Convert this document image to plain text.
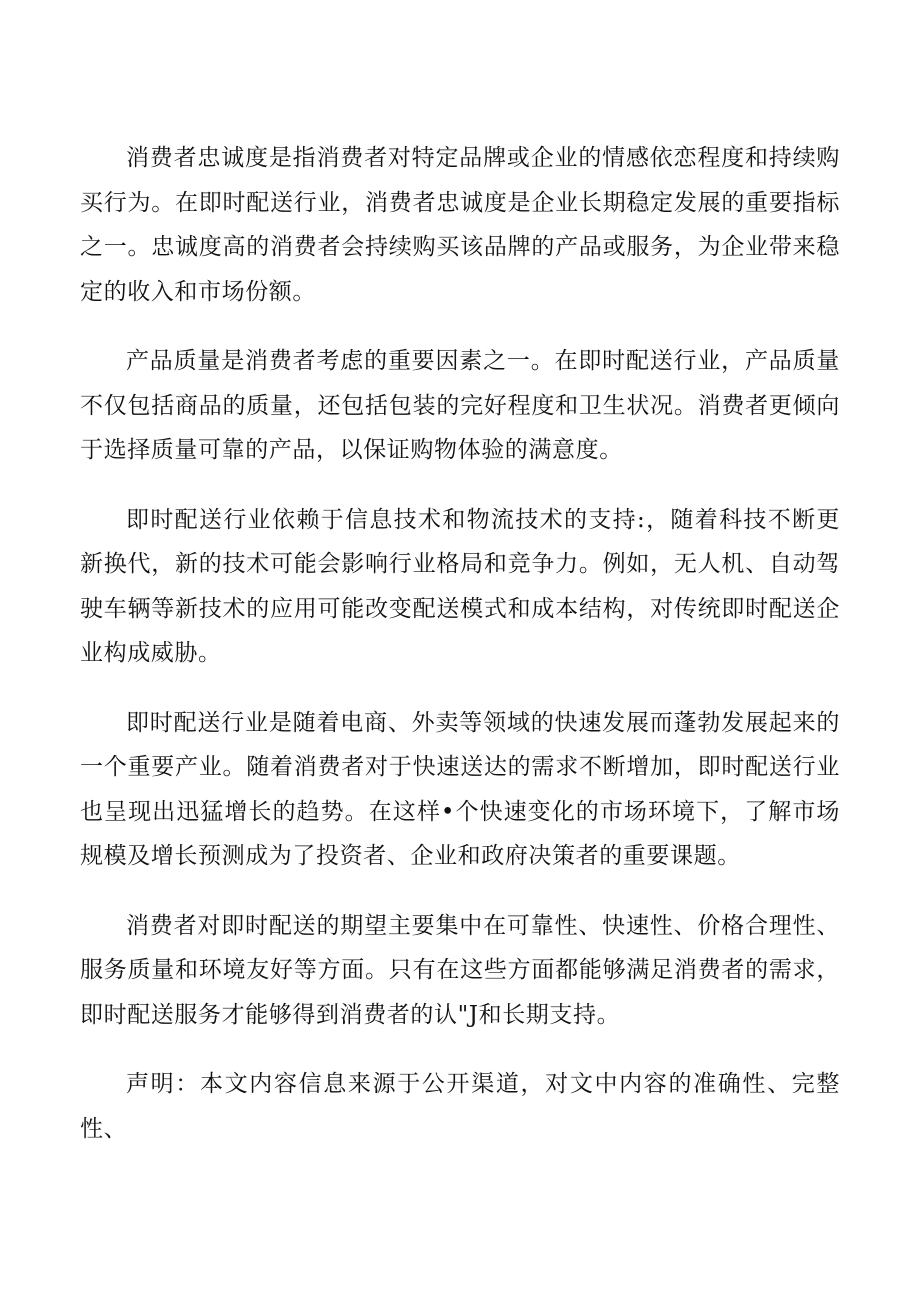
消费者忠诚度是指消费者对特定品牌或企业的情感依恋程度和持续购买行为。在即时配送行业，消费者忠诚度是企业长期稳定发展的重要指标之一。忠诚度高的消费者会持续购买该品牌的产品或服务，为企业带来稳定的收入和市场份额。

产品质量是消费者考虑的重要因素之一。在即时配送行业，产品质量不仅包括商品的质量，还包括包装的完好程度和卫生状况。消费者更倾向于选择质量可靠的产品，以保证购物体验的满意度。

即时配送行业依赖于信息技术和物流技术的支持:，随着科技不断更新换代，新的技术可能会影响行业格局和竞争力。例如，无人机、自动驾驶车辆等新技术的应用可能改变配送模式和成本结构，对传统即时配送企业构成威胁。

即时配送行业是随着电商、外卖等领域的快速发展而蓬勃发展起来的一个重要产业。随着消费者对于快速送达的需求不断增加，即时配送行业也呈现出迅猛增长的趋势。在这样•个快速变化的市场环境下，了解市场规模及增长预测成为了投资者、企业和政府决策者的重要课题。

消费者对即时配送的期望主要集中在可靠性、快速性、价格合理性、服务质量和环境友好等方面。只有在这些方面都能够满足消费者的需求，即时配送服务才能够得到消费者的认"J和长期支持。

声明：本文内容信息来源于公开渠道，对文中内容的准确性、完整性、
